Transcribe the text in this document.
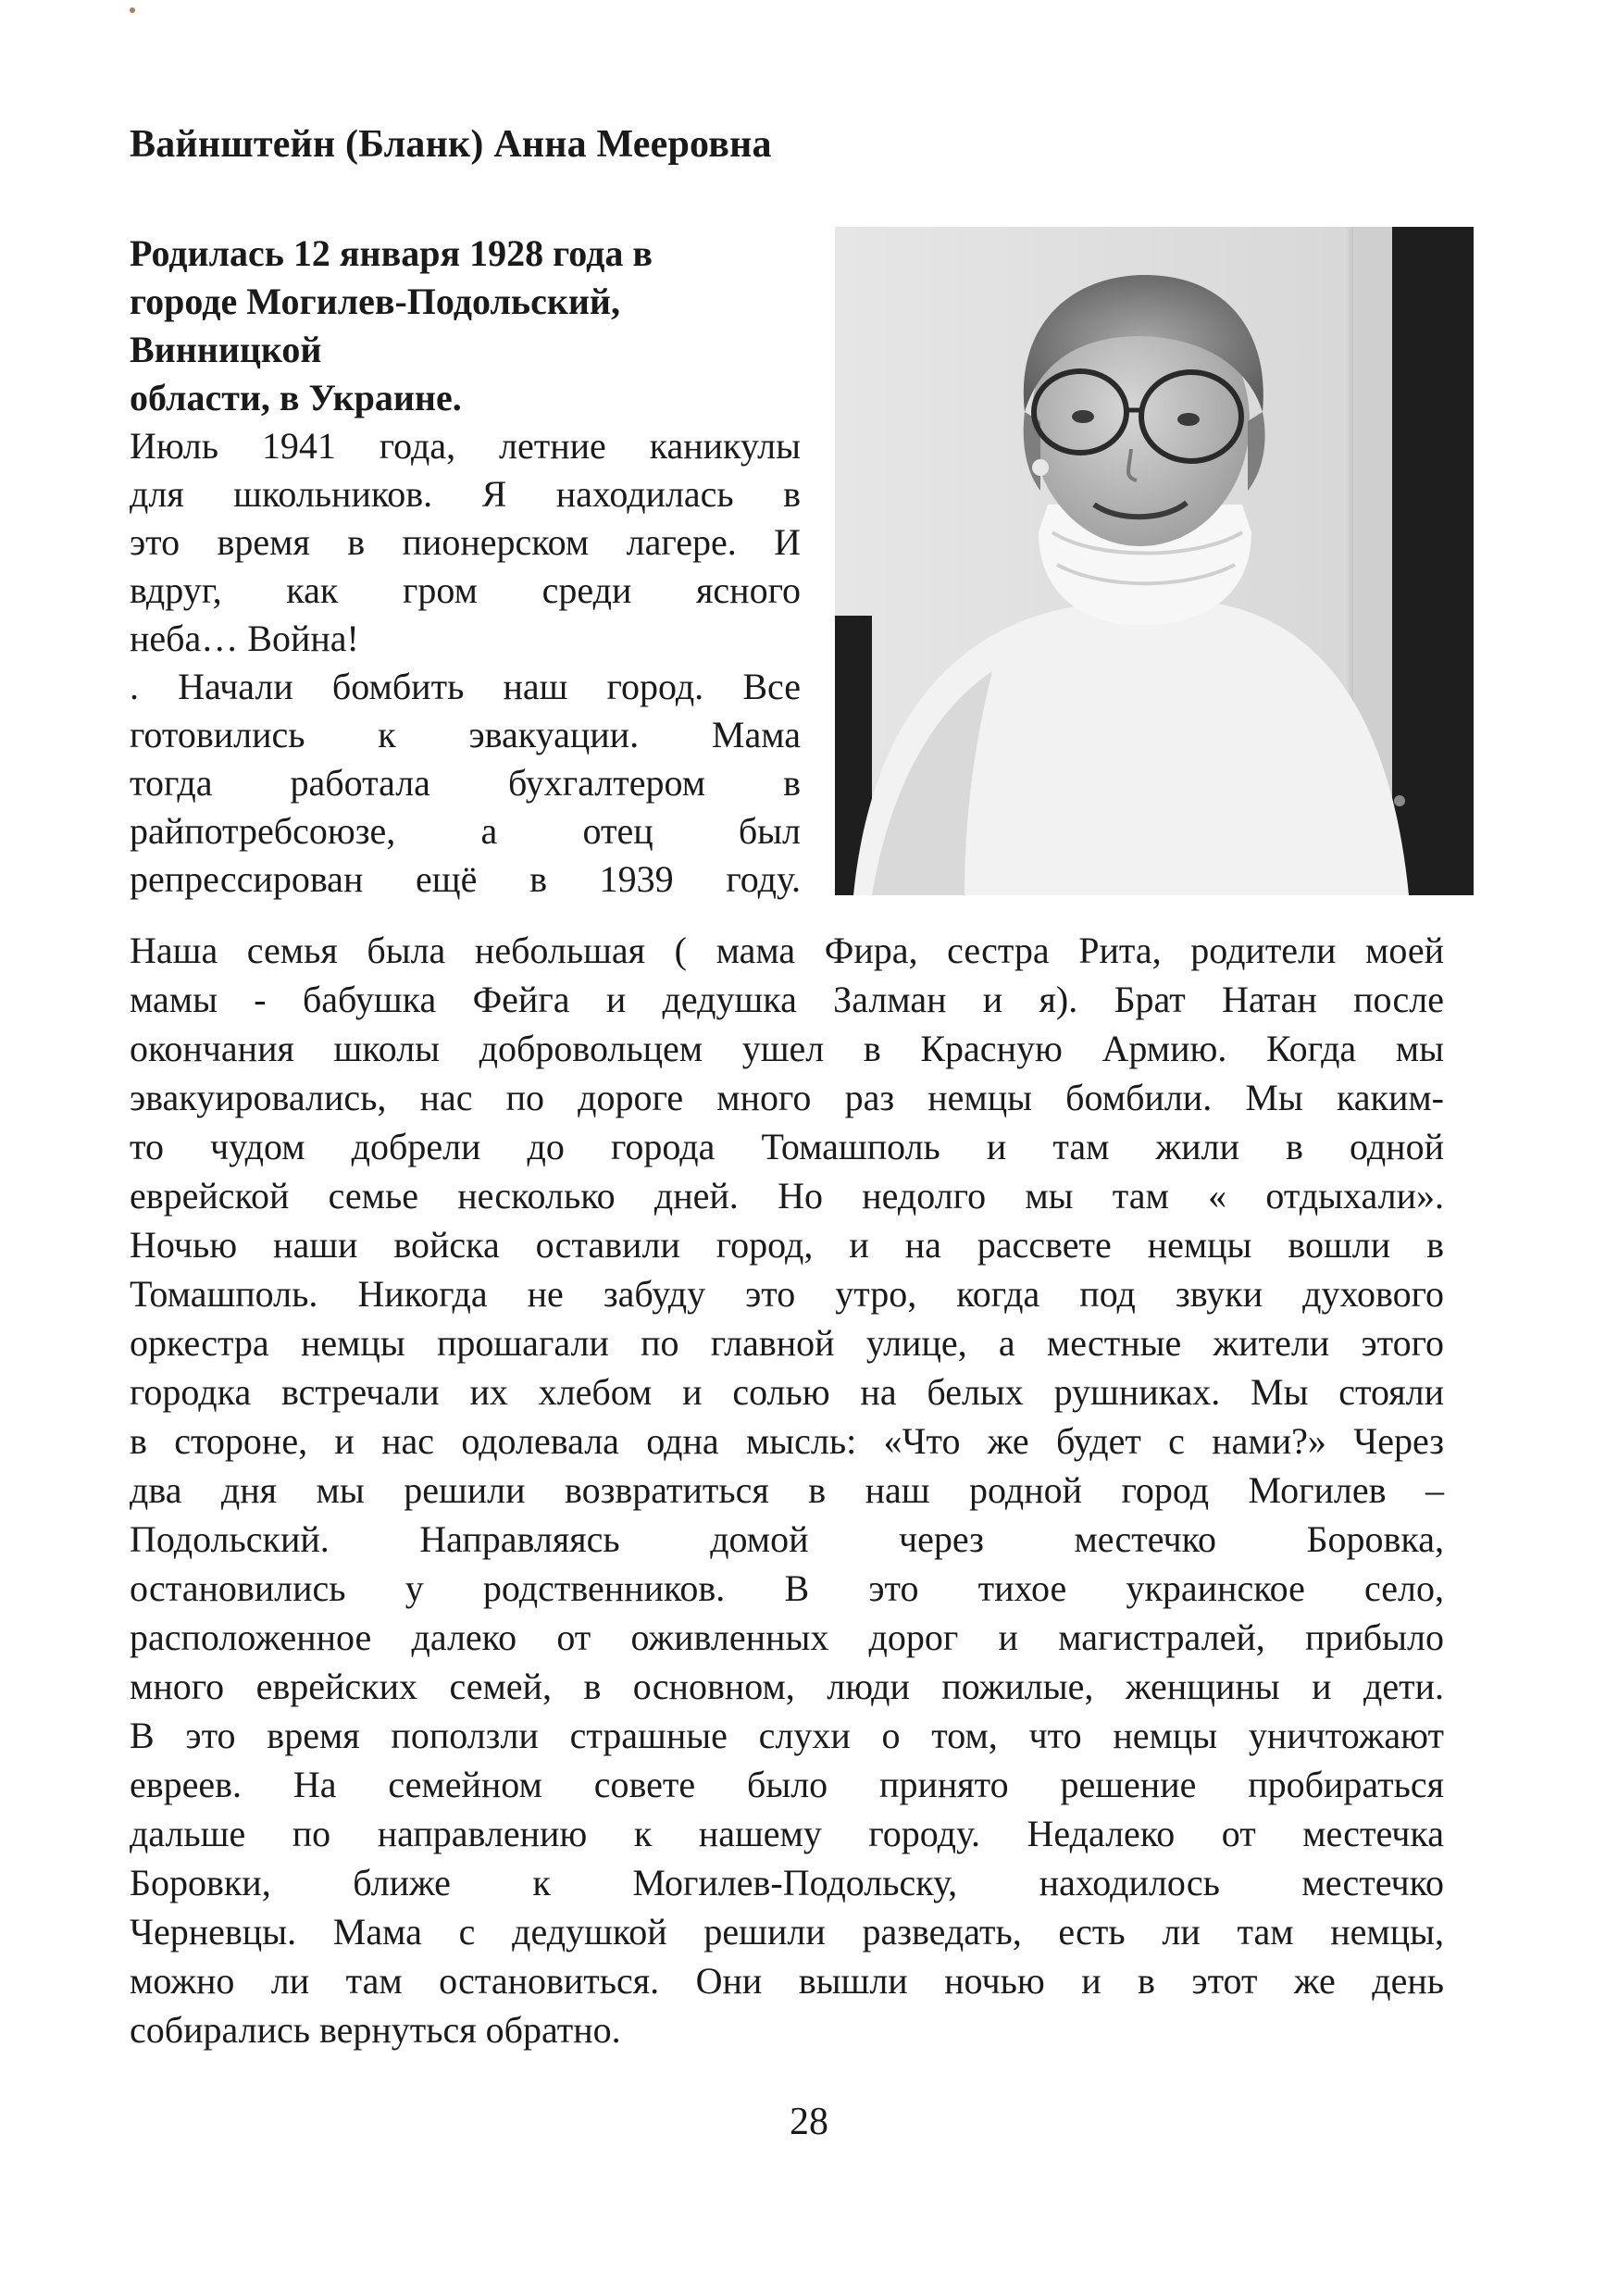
Вайнштейн (Бланк) Анна Мееровна
Родилась 12 января 1928 года в
городе Могилев-Подольский,
Винницкой
области, в Украине.
Июль 1941 года, летние каникулы
для школьников. Я находилась в
это время в пионерском лагере. И
вдруг, как гром среди ясного
неба… Война!
. Начали бомбить наш город. Все
готовились к эвакуации. Мама
тогда работала бухгалтером в
райпотребсоюзе, а отец был
репрессирован ещё в 1939 году.
Наша семья была небольшая ( мама Фира, сестра Рита, родители моей
мамы - бабушка Фейга и дедушка Залман и я). Брат Натан после
окончания школы добровольцем ушел в Красную Армию. Когда мы
эвакуировались, нас по дороге много раз немцы бомбили. Мы каким-
то чудом добрели до города Томашполь и там жили в одной
еврейской семье несколько дней. Но недолго мы там « отдыхали».
Ночью наши войска оставили город, и на рассвете немцы вошли в
Томашполь. Никогда не забуду это утро, когда под звуки духового
оркестра немцы прошагали по главной улице, а местные жители этого
городка встречали их хлебом и солью на белых рушниках. Мы стояли
в стороне, и нас одолевала одна мысль: «Что же будет с нами?» Через
два дня мы решили возвратиться в наш родной город Могилев –
Подольский. Направляясь домой через местечко Боровка,
остановились у родственников. В это тихое украинское село,
расположенное далеко от оживленных дорог и магистралей, прибыло
много еврейских семей, в основном, люди пожилые, женщины и дети.
В это время поползли страшные слухи о том, что немцы уничтожают
евреев. На семейном совете было принято решение пробираться
дальше по направлению к нашему городу. Недалеко от местечка
Боровки, ближе к Могилев-Подольску, находилось местечко
Черневцы. Мама с дедушкой решили разведать, есть ли там немцы,
можно ли там остановиться. Они вышли ночью и в этот же день
собирались вернуться обратно.
28
